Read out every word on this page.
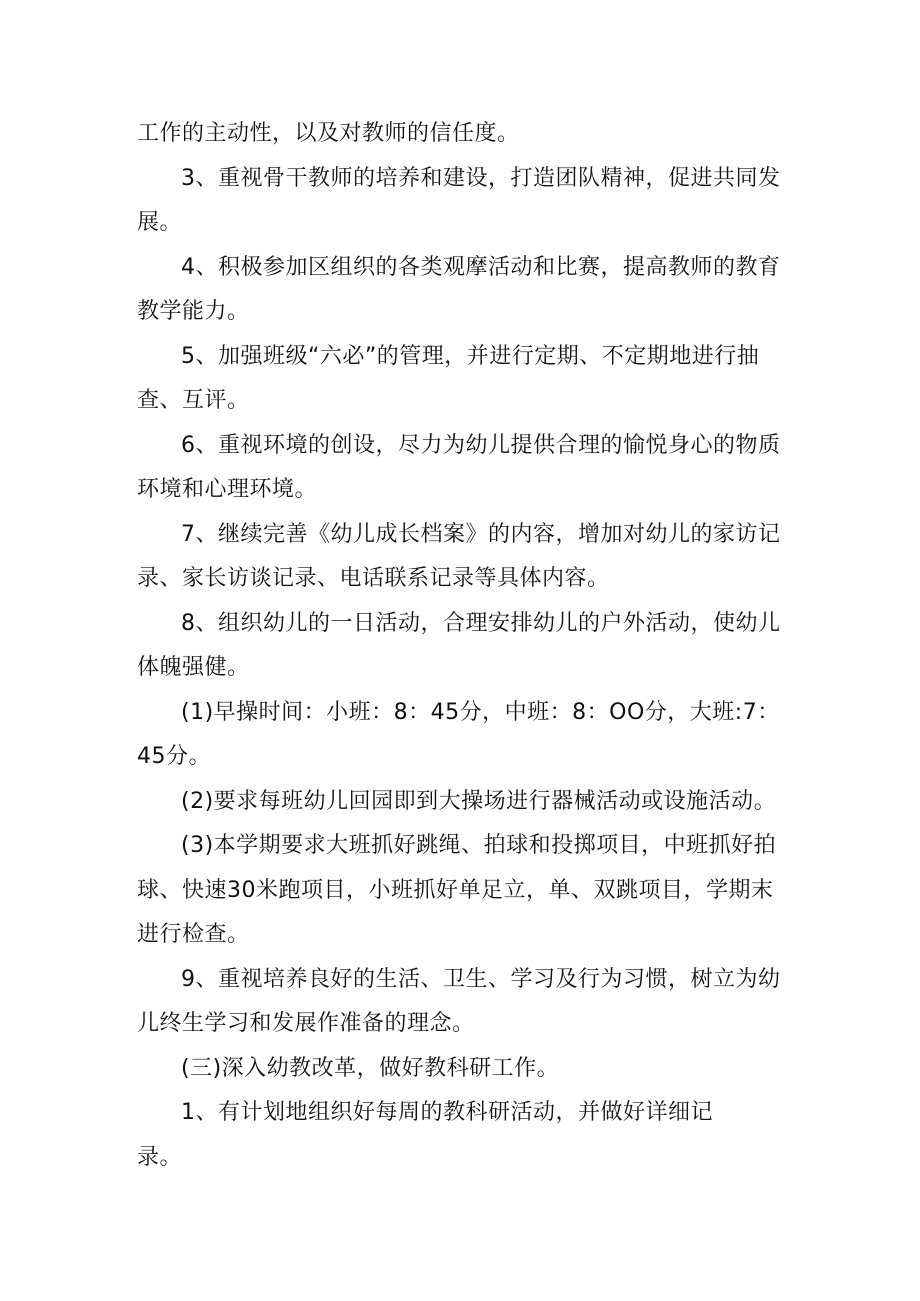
工作的主动性，以及对教师的信任度。

3、重视骨干教师的培养和建设，打造团队精神，促进共同发展。

4、积极参加区组织的各类观摩活动和比赛，提高教师的教育教学能力。

5、加强班级“六必”的管理，并进行定期、不定期地进行抽查、互评。

6、重视环境的创设，尽力为幼儿提供合理的愉悦身心的物质环境和心理环境。

7、继续完善《幼儿成长档案》的内容，增加对幼儿的家访记录、家长访谈记录、电话联系记录等具体内容。

8、组织幼儿的一日活动，合理安排幼儿的户外活动，使幼儿体魄强健。

(1)早操时间：小班：8：45分，中班：8：OO分，大班:7：45分。

(2)要求每班幼儿回园即到大操场进行器械活动或设施活动。

(3)本学期要求大班抓好跳绳、拍球和投掷项目，中班抓好拍球、快速30米跑项目，小班抓好单足立，单、双跳项目，学期末进行检查。

9、重视培养良好的生活、卫生、学习及行为习惯，树立为幼儿终生学习和发展作准备的理念。

(三)深入幼教改革，做好教科研工作。

1、有计划地组织好每周的教科研活动，并做好详细记录。
